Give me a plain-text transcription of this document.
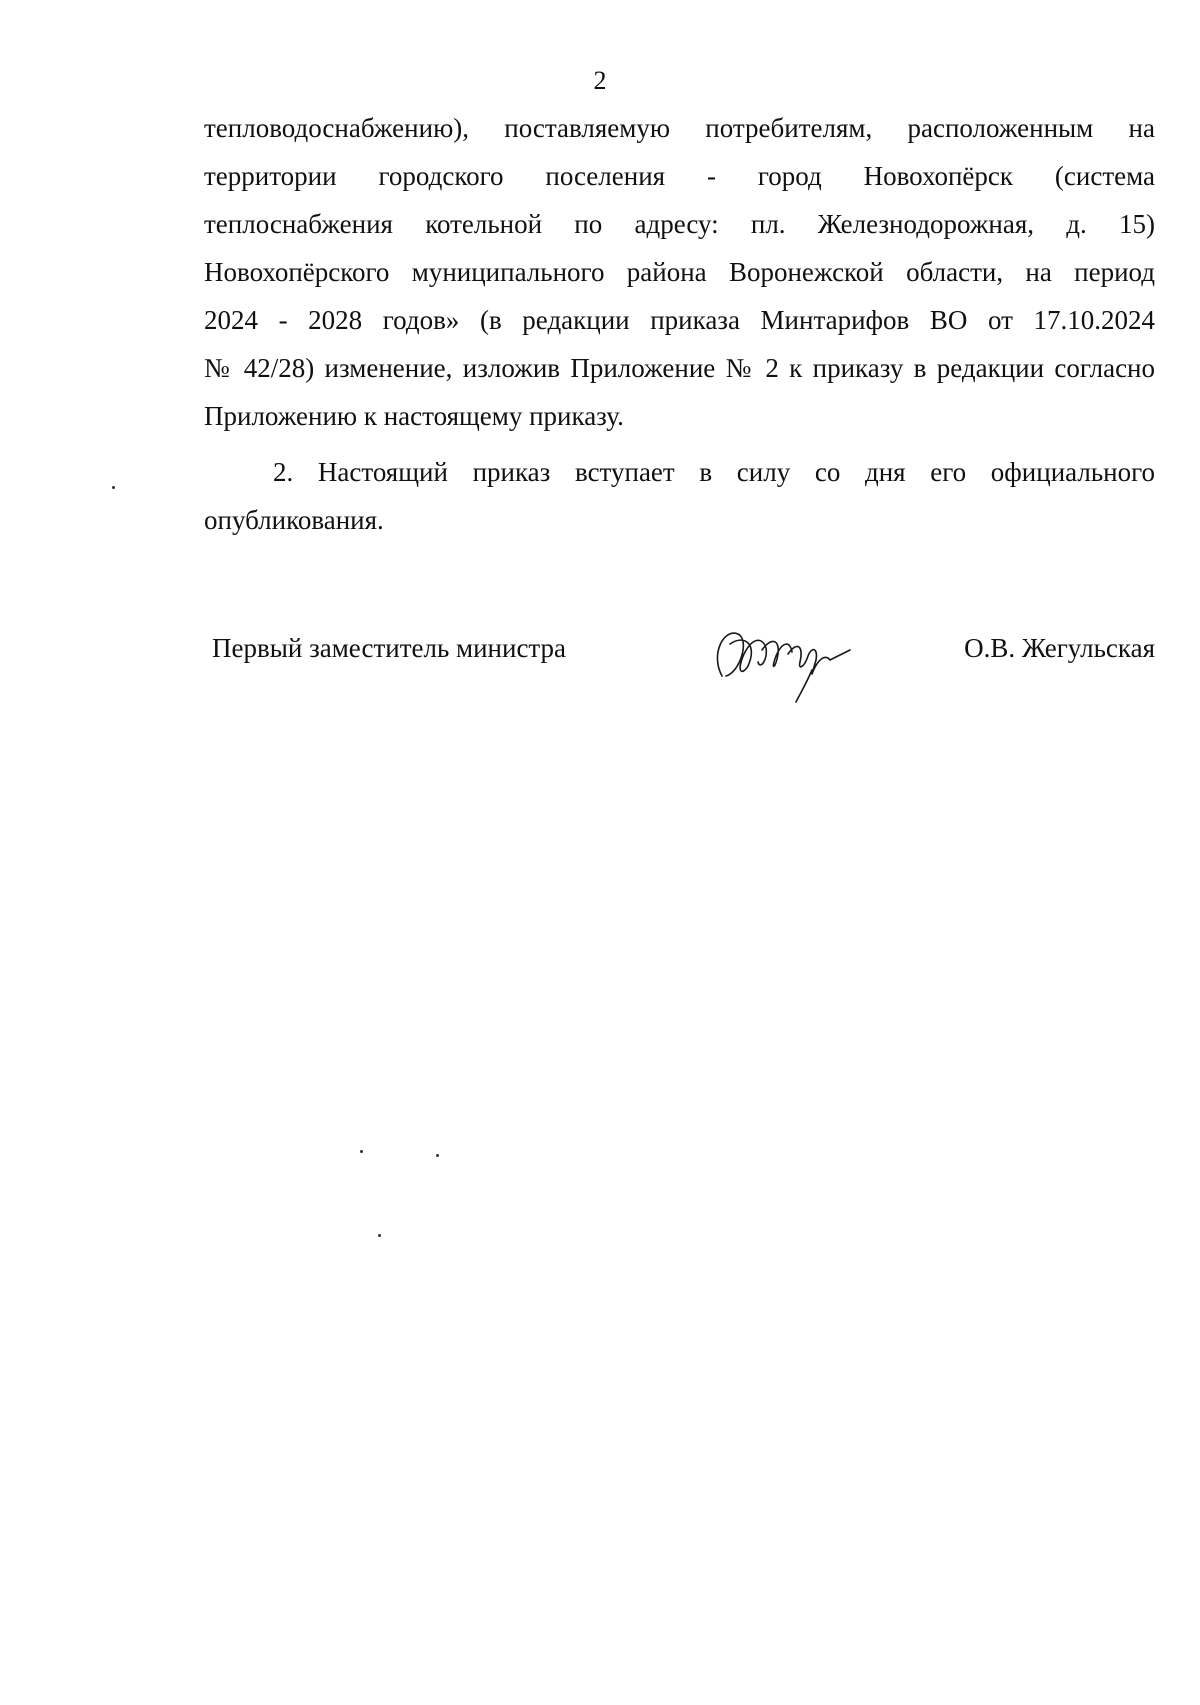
2
тепловодоснабжению), поставляемую потребителям, расположенным на
территории городского поселения - город Новохопёрск (система
теплоснабжения котельной по адресу: пл. Железнодорожная, д. 15)
Новохопёрского муниципального района Воронежской области, на период
2024 - 2028 годов» (в редакции приказа Минтарифов ВО от 17.10.2024
№ 42/28) изменение, изложив Приложение № 2 к приказу в редакции согласно
Приложению к настоящему приказу.
2. Настоящий приказ вступает в силу со дня его официального
опубликования.
Первый заместитель министра	О.В. Жегульская
